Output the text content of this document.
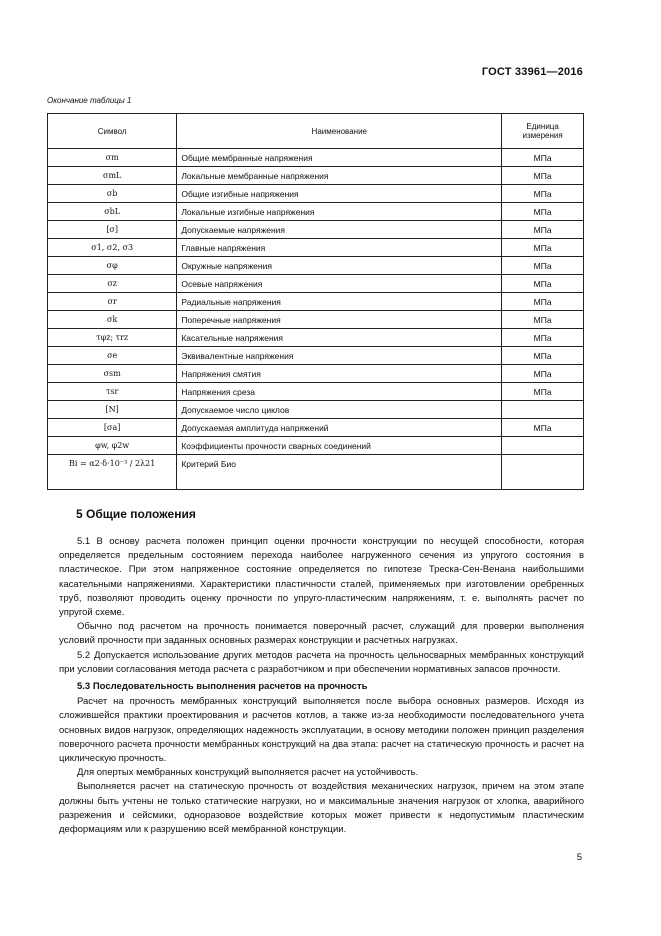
ГОСТ 33961—2016
Окончание таблицы 1
Символ	Наименование	Единица измерения
σm	Общие мембранные напряжения	МПа
σmL	Локальные мембранные напряжения	МПа
σb	Общие изгибные напряжения	МПа
σbL	Локальные изгибные напряжения	МПа
[σ]	Допускаемые напряжения	МПа
σ1, σ2, σ3	Главные напряжения	МПа
σφ	Окружные напряжения	МПа
σz	Осевые напряжения	МПа
σr	Радиальные напряжения	МПа
σk	Поперечные напряжения	МПа
τφz; τrz	Касательные напряжения	МПа
σe	Эквивалентные напряжения	МПа
σsm	Напряжения смятия	МПа
τsr	Напряжения среза	МПа
[N]	Допускаемое число циклов	
[σa]	Допускаемая амплитуда напряжений	МПа
φw, φ2w	Коэффициенты прочности сварных соединений	
Bi = α2·δ·10⁻³ / 2λ21	Критерий Био	
5 Общие положения

5.1 В основу расчета положен принцип оценки прочности конструкции по несущей способности, которая определяется предельным состоянием перехода наиболее нагруженного сечения из упругого состояния в пластическое. При этом напряженное состояние определяется по гипотезе Треска-Сен-Венана наибольшими касательными напряжениями. Характеристики пластичности сталей, применяемых при изготовлении оребренных труб, позволяют проводить оценку прочности по упруго-пластическим напряжениям, т. е. выполнять расчет по упругой схеме.

Обычно под расчетом на прочность понимается поверочный расчет, служащий для проверки выполнения условий прочности при заданных основных размерах конструкции и расчетных нагрузках.

5.2 Допускается использование других методов расчета на прочность цельносварных мембранных конструкций при условии согласования метода расчета с разработчиком и при обеспечении нормативных запасов прочности.

5.3 Последовательность выполнения расчетов на прочность

Расчет на прочность мембранных конструкций выполняется после выбора основных размеров. Исходя из сложившейся практики проектирования и расчетов котлов, а также из-за необходимости последовательного учета основных видов нагрузок, определяющих надежность эксплуатации, в основу методики положен принцип разделения поверочного расчета прочности мембранных конструкций на два этапа: расчет на статическую прочность и расчет на циклическую прочность.

Для опертых мембранных конструкций выполняется расчет на устойчивость.

Выполняется расчет на статическую прочность от воздействия механических нагрузок, причем на этом этапе должны быть учтены не только статические нагрузки, но и максимальные значения нагрузок от хлопка, аварийного разрежения и сейсмики, одноразовое воздействие которых может привести к недопустимым пластическим деформациям или к разрушению всей мембранной конструкции.

5
